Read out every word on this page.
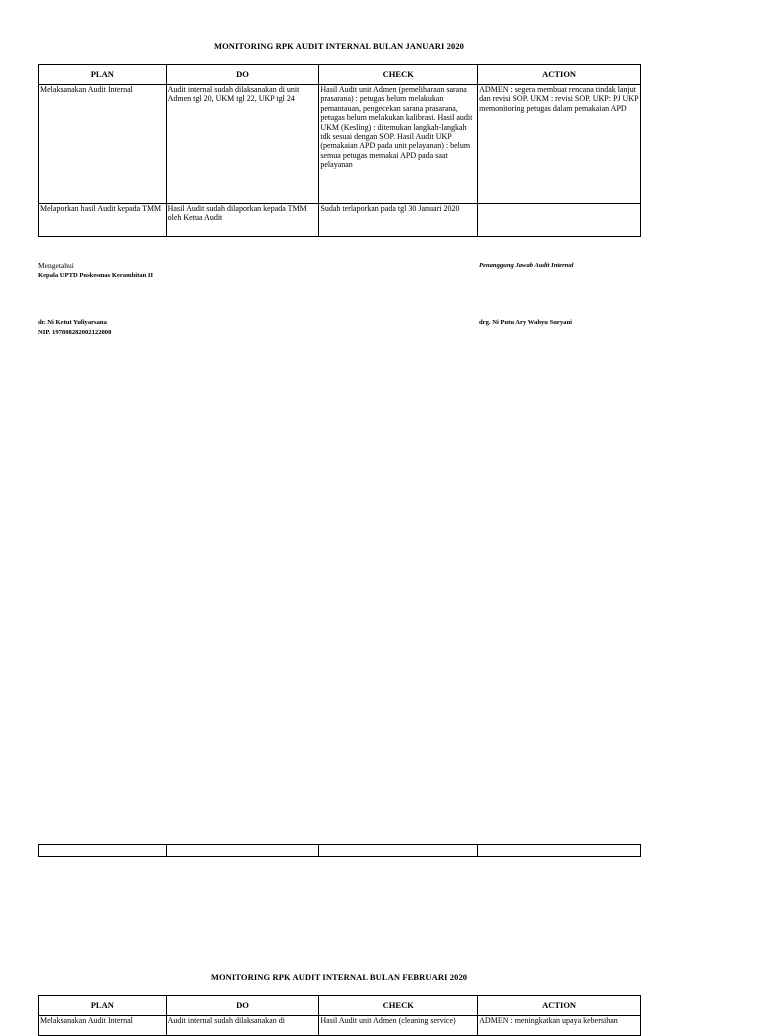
MONITORING RPK AUDIT INTERNAL BULAN JANUARI 2020
PLAN	DO	CHECK	ACTION
Melaksanakan Audit Internal	Audit internal sudah dilaksanakan di unit Admen tgl 20, UKM tgl 22, UKP tgl 24	Hasil Audit unit Admen (pemeliharaan sarana prasarana) : petugas belum melakukan pemantauan, pengecekan sarana prasarana, petugas belum melakukan kalibrasi. Hasil audit UKM (Kesling) : ditemukan langkah-langkah tdk sesuai dengan SOP. Hasil Audit UKP (pemakaian APD pada unit pelayanan) : belum semua petugas memakai APD pada saat pelayanan	ADMEN : segera membuat rencana tindak lanjut dan revisi SOP. UKM : revisi SOP. UKP: PJ UKP memonitoring petugas dalam pemakaian APD
Melaporkan hasil Audit kepada TMM	Hasil Audit sudah dilaporkan kepada TMM oleh Ketua Audit	Sudah terlaporkan pada tgl 30 Januari 2020	
Mengetahui
Kepala UPTD Puskesmas Kerambitan II
Penanggung Jawab Audit Internal
dr. Ni Ketut Yuliyarsana
NIP. 197808282002122008
drg. Ni Putu Ary Wahyu Suryani

MONITORING RPK AUDIT INTERNAL BULAN FEBRUARI 2020
PLAN	DO	CHECK	ACTION
Melaksanakan Audit Internal	Audit internal sudah dilaksanakan di	Hasil Audit unit Admen (cleaning service)	ADMEN : meningkatkan upaya kebersihan
